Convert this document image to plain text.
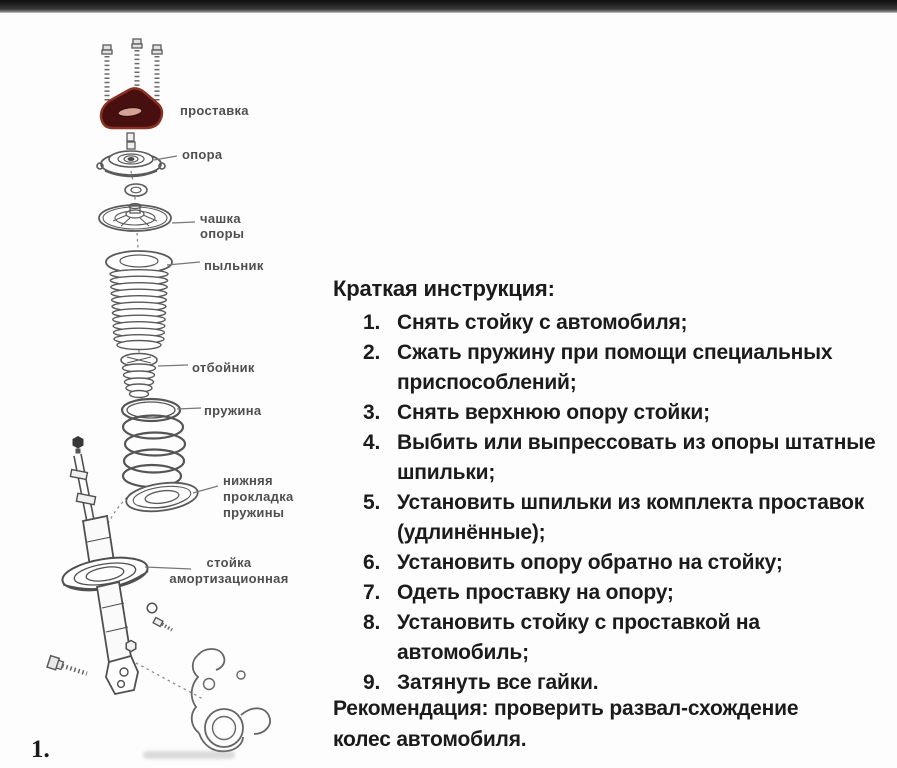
проставка
опора
чашка
опоры
пыльник
отбойник
пружина
нижняя
прокладка
пружины
стойка
амортизационная
Краткая инструкция:
1. Снять стойку с автомобиля;
2. Сжать пружину при помощи специальных приспособлений;
3. Снять верхнюю опору стойки;
4. Выбить или выпрессовать из опоры штатные шпильки;
5. Установить шпильки из комплекта проставок (удлинённые);
6. Установить опору обратно на стойку;
7. Одеть проставку на опору;
8. Установить стойку с проставкой на автомобиль;
9. Затянуть все гайки.
Рекомендация: проверить развал-схождение колес автомобиля.
1.
